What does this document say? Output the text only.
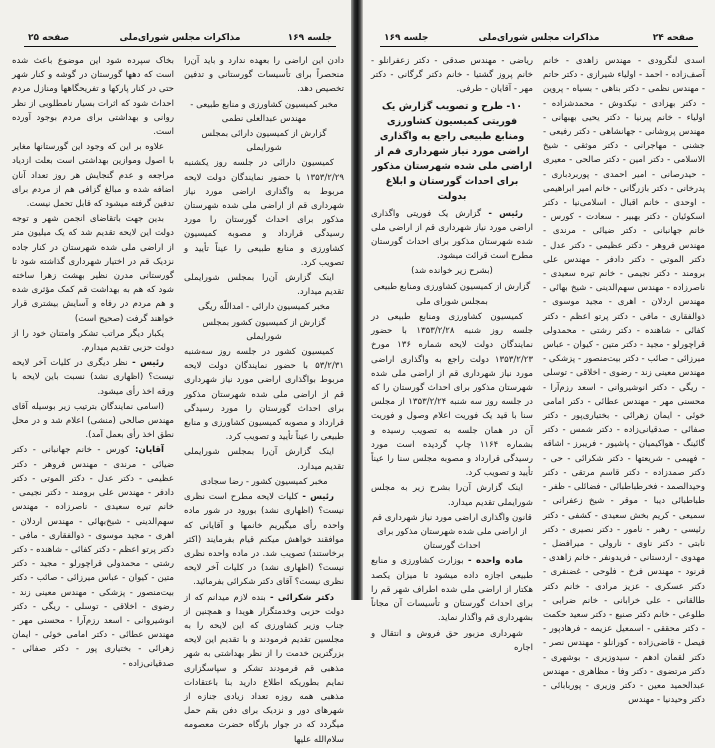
جلسه ۱۶۹
مذاکرات مجلس شورای‌ملی
صفحه ۲۵

دادن این اراضی را بعهده ندارد و باید آن‌را منحصراً برای تأسیسات گورستانی و تدفین تخصیص دهد.

مخبر کمیسیون کشاورزی و منابع طبیعی - مهندس عبدالعلی نطمی

گزارش از کمیسیون دارائی بمجلس شورایملی

کمیسیون دارائی در جلسه روز یکشنبه ۱۳۵۳/۲/۲۹ با حضور نمایندگان دولت لایحه مربوط به واگذاری اراضی مورد نیاز شهرداری قم از اراضی ملی شده شهرستان مذکور برای احداث گورستان را مورد رسیدگی قرارداد و مصوبه کمیسیون کشاورزی و منابع طبیعی را عیناً تأیید و تصویب کرد.

اینک گزارش آن‌را بمجلس شورایملی تقدیم میدارد.

مخبر کمیسیون دارائی - امداللّه ریگی

گزارش از کمیسیون کشور بمجلس شورایملی

کمیسیون کشور در جلسه روز سه‌شنبه ۵۳/۲/۳۱ با حضور نمایندگان دولت لایحه مربوط بواگذاری اراضی مورد نیاز شهرداری قم از اراضی ملی شده شهرستان مذکور برای احداث گورستان را مورد رسیدگی قرارداد و مصوبه کمیسیون کشاورزی و منابع طبیعی را عیناً تأیید و تصویب کرد.

اینک گزارش آن‌را بمجلس شورایملی تقدیم میدارد.

مخبر کمیسیون کشور - رضا سجادی

رئیس - کلیات لایحه مطرح است نظری نیست؟ (اظهاری نشد) بورود در شور ماده واحده رأی میگیریم خانمها و آقایانی که موافقند خواهش میکنم قیام بفرمایند (اکثر برخاستند) تصویب شد. در ماده واحده نظری نیست؟ (اظهاری نشد) در کلیات آخر لایحه نظری نیست؟ آقای دکتر شکرائی بفرمائید.

دکتر شکرائی - بنده لازم میدانم که از دولت حزبی وخدمتگزار هویدا و همچنین از جناب وزیر کشاورزی که این لایحه را به مجلسین تقدیم فرمودند و با تقدیم این لایحه بزرگترین خدمت را از نظر بهداشتی به شهر مذهبی قم فرمودند تشکر و سپاسگزاری نمایم بطوریکه اطلاع دارید بنا باعتقادات مذهبی همه روزه تعداد زیادی جنازه از شهرهای دور و نزدیک برای دفن بقم حمل میگردد که در جوار بارگاه حضرت معصومه سلام‌الله علیها

بخاک سپرده شود این موضوع باعث شده است که دهها گورستان در گوشه و کنار شهر حتی در کنار پارکها و تفریحگاهها ومنازل مردم احداث شود که اثرات بسیار نامطلوبی از نظر روانی و بهداشتی برای مردم بوجود آورده است.

علاوه بر این که وجود این گورستانها مغایر با اصول وموازین بهداشتی است بعلت ازدیاد مراجعه و عدم گنجایش هر روز تعداد آنان اضافه شده و مبالغ گزافی هم از مردم برای تدفین گرفته میشود که قابل تحمل نیست.

بدین جهت باتقاضای انجمن شهر و توجه دولت این لایحه تقدیم شد که یک میلیون متر از اراضی ملی شده شهرستان در کنار جاده نزدیک قم در اختیار شهرداری گذاشته شود تا گورستانی مدرن نظیر بهشت زهرا ساخته شود که هم به بهداشت قم کمک مؤثری شده و هم مردم در رفاه و آسایش بیشتری قرار خواهند گرفت (صحیح است)

یکبار دیگر مراتب تشکر وامتنان خود را از دولت حزبی تقدیم میدارم.

رئیس - نظر دیگری در کلیات آخر لایحه نیست؟ (اظهاری نشد) نسبت باین لایحه با ورقه اخذ رأی میشود.

(اسامی نمایندگان بترتیب زیر بوسیله آقای مهندس صالحی (منشی) اعلام شد و در محل نطق اخذ رأی بعمل آمد).

آقایان: کورس - خانم جهانبانی - دکتر ضیائی - مرندی - مهندس فروهر - دکتر عظیمی - دکتر عدل - دکتر الموتی - دکتر دادفر - مهندس علی برومند - دکتر نجیمی - خانم تیره سعیدی - ناصرزاده - مهندس سهم‌الدینی - شیخ‌بهائی - مهندس اردلان - اهری - مجید موسوی - ذوالفقاری - مافی - دکتر پرتو اعظم - دکتر کفائی - شاهنده - دکتر رشتی - محمدولی قراچورلو - مجید - دکتر متین - کیوان - عباس میرزائی - صائب - دکتر بیت‌منصور - پزشکی - مهندس معینی زند - رضوی - اخلاقی - توسلی - ریگی - دکتر انوشیروانی - اسعد رزم‌آرا - محسنی مهر - مهندس عطائی - دکتر امامی خوئی - ایمان زهرائی - بختیاری پور - دکتر صفائی - صدقیانی‌زاده -

جلسه ۱۶۹	مذاکرات مجلس شورای‌ملی	صفحه ۲۴

اسدی لنگرودی - مهندس زاهدی - خانم آصف‌زاده - احمد - اولیاء شیرازی - دکتر حاتم - مهندس نظمی - دکتر بناهی - بسیاه - پروین - دکتر بهزادی - نیکدوش - محمدشزاده - اولیاء - خانم پیرنیا - دکتر یحیی بهبهانی - مهندس پروشانی - جهانشاهی - دکتر رفیعی - جشنی - مهاجرانی - دکتر موثقی - شیخ الاسلامی - دکتر امین - دکتر صالحی - معیری - حیدرصانی - امیر احمدی - پوربردباری - پدرخانی - دکتر بازرگانی - خانم امیر ابراهیمی - اوحدی - خانم اقبال - اسلامی‌نیا - دکتر اسکوئیان - دکتر بهبیر - سعادت - کورس - خانم جهانبانی - دکتر ضیائی - مرندی - مهندس فروهر - دکتر عظیمی - دکتر عدل - دکتر الموتی - دکتر دادفر - مهندس علی برومند - دکتر نجیمی - خانم تیره سعیدی - ناصرزاده - مهندس سهم‌الدینی - شیخ بهائی - مهندس اردلان - اهری - مجید موسوی - ذوالفقاری - مافی - دکتر پرتو اعظم - دکتر کفائی - شاهنده - دکتر رشتی - محمدولی قراچورلو - مجید - دکتر متین - کیوان - عباس میرزائی - صائب - دکتر بیت‌منصور - پزشکی - مهندس معینی زند - رضوی - اخلاقی - توسلی - ریگی - دکتر انوشیروانی - اسعد رزم‌آرا - محسنی مهر - مهندس عطائی - دکتر امامی خوئی - ایمان زهرائی - بختیاری‌پور - دکتر صفائی - صدقیانی‌زاده - دکتر شمس - دکتر گائینگ - هواکیمیان - پاشیور - فریبرز - اشاقه - فهیمی - شریعتها - دکتر شکرائی - حی - دکتر صمدزاده - دکتر قاسم مرتقی - دکتر وحیدالصمد - فخرطباطبائی - فضائلی - ظفر - طباطبائی دیبا - موقر - شیخ زعفرانی - سمیعی - کریم بخش سعیدی - کشفی - دکتر رئیسی - رهبر - نامور - دکتر نصیری - دکتر نابتی - دکتر ناوی - نارولی - میرافضل - مهدوی - اردستانی - فریدونفر - خانم زاهدی - فرنود - مهندس فرخ - فلوحی - غضنفری - دکتر عسکری - عزیز مرادی - خانم دکتر طالقانی - علی خرابانی - خانم ضرابی - طلوعی - خانم دکتر صنیع - دکتر سعید حکمت - دکتر محققی - اسمعیل عزیمه - فرهادپور - فیصل - قاضی‌زاده - کورانلو - مهندس نصر - دکتر لقمان ادهم - سیدوزیری - بوشهری - دکتر مرتضوی - دکتر وفا - مظاهری - مهندس عبدالحمید معین - دکتر وزیری - پوربابائی - دکتر وحیدنیا - مهندس

ریاضی - مهندس صدقی - دکتر زعفرانلو - خانم پروز گشتیا - خانم دکتر گرگانی - دکتر مهر - آقایان - طرفی.

۱۰- طرح و تصویب گزارش یک فوریتی کمیسیون کشاورزی ومنابع طبیعی راجع به واگذاری اراضی مورد نیاز شهرداری قم از اراضی ملی شده شهرستان مذکور برای احداث گورستان و ابلاغ بدولت

رئیس - گزارش یک فوریتی واگذاری اراضی مورد نیاز شهرداری قم از اراضی ملی شده شهرستان مذکور برای احداث گورستان مطرح است قرائت میشود.

(بشرح زیر خوانده شد)

گزارش از کمیسیون کشاورزی ومنابع طبیعی

بمجلس شورای ملی

کمیسیون کشاورزی ومنابع طبیعی در جلسه روز شنبه ۱۳۵۳/۲/۲۸ با حضور نمایندگان دولت لایحه شماره ۱۳۶ مورخ ۱۳۵۳/۲/۲۳ دولت راجع به واگذاری اراضی مورد نیاز شهرداری قم از اراضی ملی شده شهرستان مذکور برای احداث گورستان را که در جلسه روز سه شنبه ۱۳۵۳/۲/۲۴ از مجلس سنا با قید یک فوریت اعلام وصول و فوریت آن در همان جلسه به تصویب رسیده و بشماره ۱۱۶۴ چاپ گردیده است مورد رسیدگی قرارداد و مصوبه مجلس سنا را عیناً تأیید و تصویب کرد.

اینک گزارش آن‌را بشرح زیر به مجلس شورایملی تقدیم میدارد.

قانون واگذاری اراضی مورد نیاز شهرداری قم از اراضی ملی شده شهرستان مذکور برای احداث گورستان

ماده واحده - بوزارت کشاورزی و منابع طبیعی اجازه داده میشود تا میزان یکصد هکتار از اراضی ملی شده اطراف شهر قم را برای احداث گورستان و تأسیسات آن مجاناً بشهرداری قم واگذار نماید.

شهرداری مزبور حق فروش و انتقال و اجاره
